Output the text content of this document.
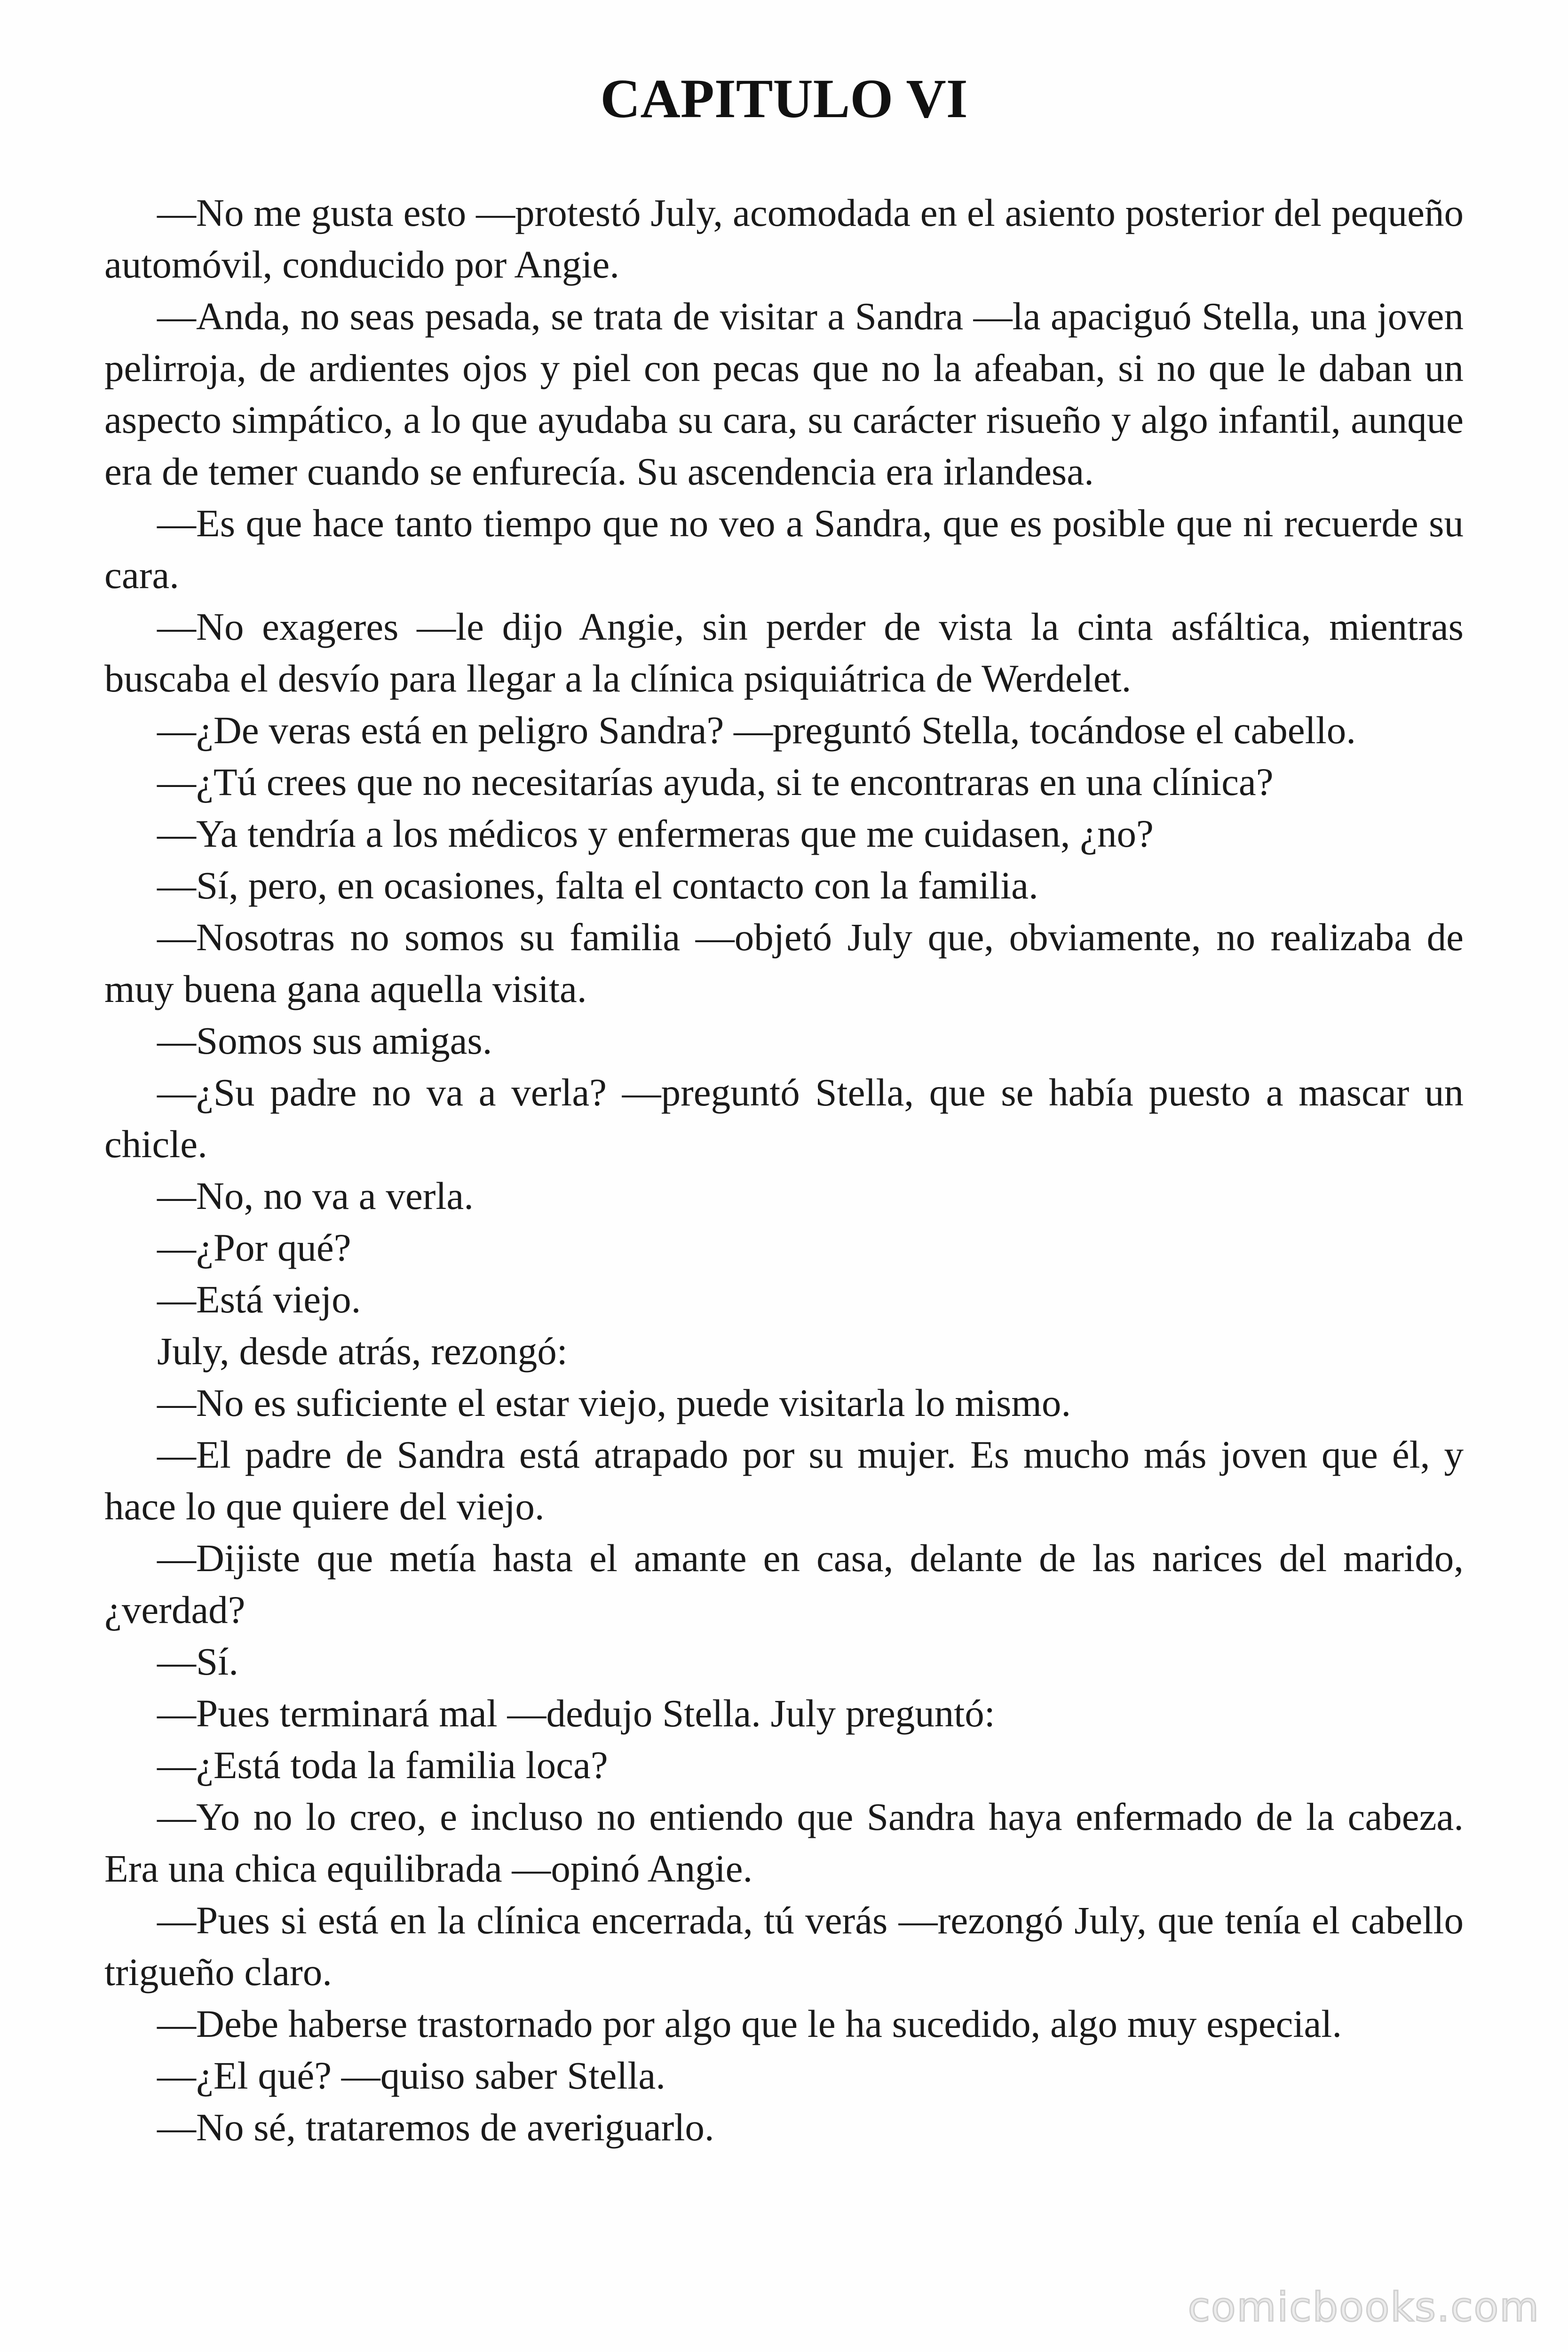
CAPITULO VI

—No me gusta esto —protestó July, acomodada en el asiento posterior del pequeño automóvil, conducido por Angie.

—Anda, no seas pesada, se trata de visitar a Sandra —la apaciguó Stella, una joven pelirroja, de ardientes ojos y piel con pecas que no la afeaban, si no que le daban un aspecto simpático, a lo que ayudaba su cara, su carácter risueño y algo infantil, aunque era de temer cuando se enfurecía. Su ascendencia era irlandesa.

—Es que hace tanto tiempo que no veo a Sandra, que es posible que ni recuerde su cara.

—No exageres —le dijo Angie, sin perder de vista la cinta asfáltica, mientras buscaba el desvío para llegar a la clínica psiquiátrica de Werdelet.

—¿De veras está en peligro Sandra? —preguntó Stella, tocándose el cabello.

—¿Tú crees que no necesitarías ayuda, si te encontraras en una clínica?

—Ya tendría a los médicos y enfermeras que me cuidasen, ¿no?

—Sí, pero, en ocasiones, falta el contacto con la familia.

—Nosotras no somos su familia —objetó July que, obviamente, no realizaba de muy buena gana aquella visita.

—Somos sus amigas.

—¿Su padre no va a verla? —preguntó Stella, que se había puesto a mascar un chicle.

—No, no va a verla.

—¿Por qué?

—Está viejo.

July, desde atrás, rezongó:

—No es suficiente el estar viejo, puede visitarla lo mismo.

—El padre de Sandra está atrapado por su mujer. Es mucho más joven que él, y hace lo que quiere del viejo.

—Dijiste que metía hasta el amante en casa, delante de las narices del marido, ¿verdad?

—Sí.

—Pues terminará mal —dedujo Stella. July preguntó:

—¿Está toda la familia loca?

—Yo no lo creo, e incluso no entiendo que Sandra haya enfermado de la cabeza. Era una chica equilibrada —opinó Angie.

—Pues si está en la clínica encerrada, tú verás —rezongó July, que tenía el cabello trigueño claro.

—Debe haberse trastornado por algo que le ha sucedido, algo muy especial.

—¿El qué? —quiso saber Stella.

—No sé, trataremos de averiguarlo.

comicbooks.com
